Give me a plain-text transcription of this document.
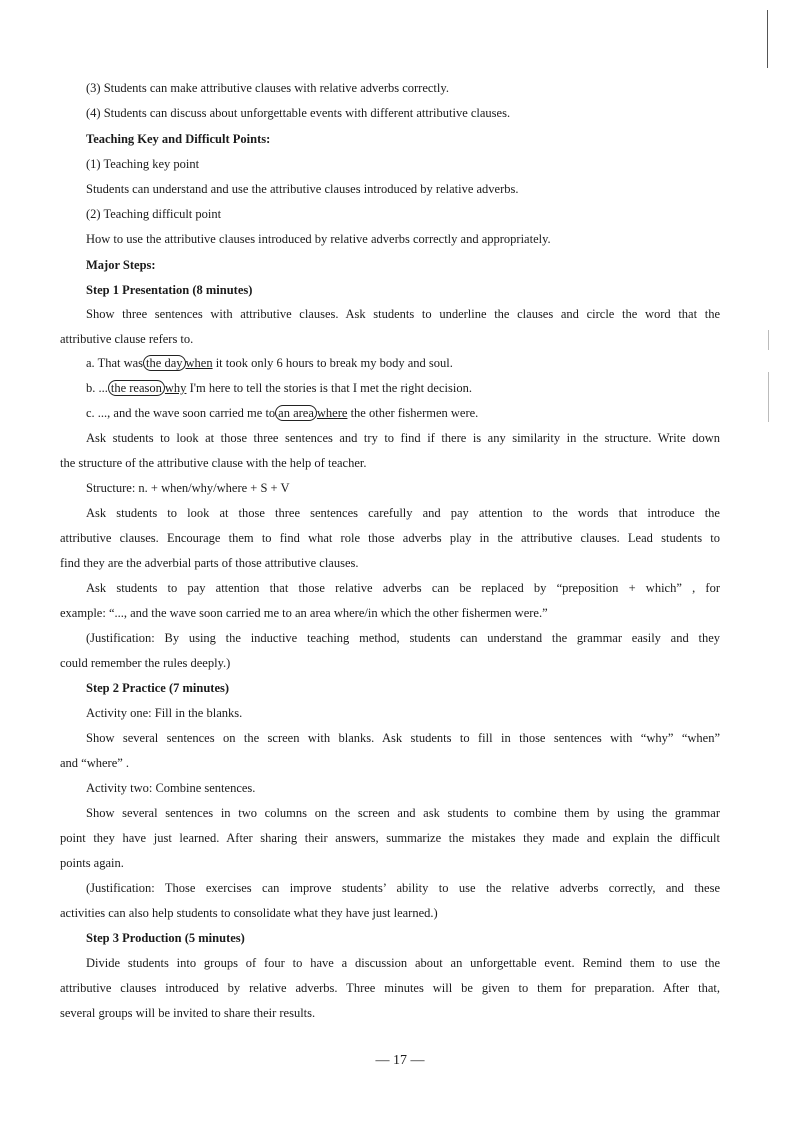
(3) Students can make attributive clauses with relative adverbs correctly.
(4) Students can discuss about unforgettable events with different attributive clauses.
Teaching Key and Difficult Points:
(1) Teaching key point
Students can understand and use the attributive clauses introduced by relative adverbs.
(2) Teaching difficult point
How to use the attributive clauses introduced by relative adverbs correctly and appropriately.
Major Steps:
Step 1 Presentation (8 minutes)
Show three sentences with attributive clauses. Ask students to underline the clauses and circle the word that the
attributive clause refers to.
a. That was the day when it took only 6 hours to break my body and soul.
b. ... the reason why I'm here to tell the stories is that I met the right decision.
c. ..., and the wave soon carried me to an area where the other fishermen were.
Ask students to look at those three sentences and try to find if there is any similarity in the structure. Write down
the structure of the attributive clause with the help of teacher.
Structure: n. + when/why/where + S + V
Ask students to look at those three sentences carefully and pay attention to the words that introduce the
attributive clauses. Encourage them to find what role those adverbs play in the attributive clauses. Lead students to
find they are the adverbial parts of those attributive clauses.
Ask students to pay attention that those relative adverbs can be replaced by “preposition + which” , for
example: “..., and the wave soon carried me to an area where/in which the other fishermen were.”
(Justification: By using the inductive teaching method, students can understand the grammar easily and they
could remember the rules deeply.)
Step 2 Practice (7 minutes)
Activity one: Fill in the blanks.
Show several sentences on the screen with blanks. Ask students to fill in those sentences with “why” “when”
and “where” .
Activity two: Combine sentences.
Show several sentences in two columns on the screen and ask students to combine them by using the grammar
point they have just learned. After sharing their answers, summarize the mistakes they made and explain the difficult
points again.
(Justification: Those exercises can improve students’ ability to use the relative adverbs correctly, and these
activities can also help students to consolidate what they have just learned.)
Step 3 Production (5 minutes)
Divide students into groups of four to have a discussion about an unforgettable event. Remind them to use the
attributive clauses introduced by relative adverbs. Three minutes will be given to them for preparation. After that,
several groups will be invited to share their results.
— 17 —
